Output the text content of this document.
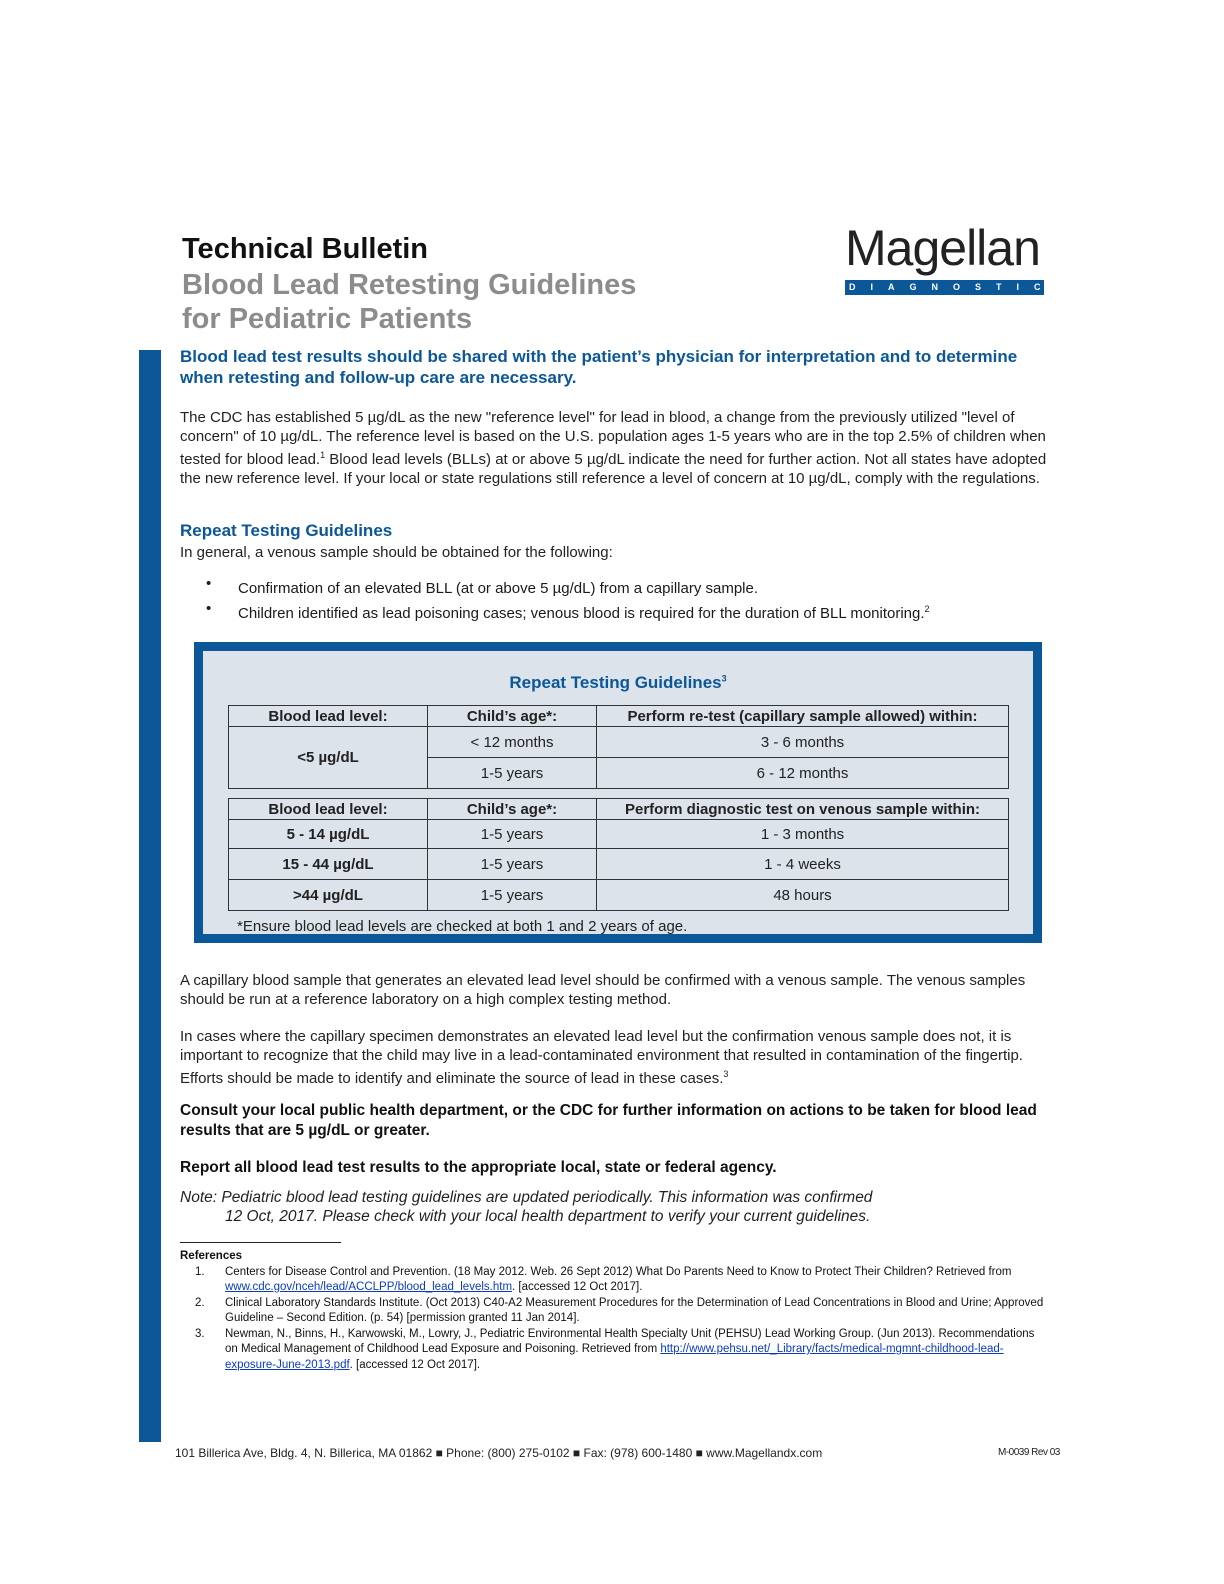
Technical Bulletin
Blood Lead Retesting Guidelines
for Pediatric Patients
Magellan
DIAGNOSTICS
Blood lead test results should be shared with the patient’s physician for interpretation and to determine when retesting and follow-up care are necessary.
The CDC has established 5 µg/dL as the new "reference level" for lead in blood, a change from the previously utilized "level of concern" of 10 µg/dL. The reference level is based on the U.S. population ages 1-5 years who are in the top 2.5% of children when tested for blood lead.$^1$ Blood lead levels (BLLs) at or above 5 µg/dL indicate the need for further action. Not all states have adopted the new reference level. If your local or state regulations still reference a level of concern at 10 µg/dL, comply with the regulations.
Repeat Testing Guidelines
In general, a venous sample should be obtained for the following:
• Confirmation of an elevated BLL (at or above 5 µg/dL) from a capillary sample.
• Children identified as lead poisoning cases; venous blood is required for the duration of BLL monitoring.$^2$
Repeat Testing Guidelines$^3$
Blood lead level:	Child’s age*:	Perform re-test (capillary sample allowed) within:
<5 µg/dL	< 12 months	3 - 6 months
	1-5 years	6 - 12 months
Blood lead level:	Child’s age*:	Perform diagnostic test on venous sample within:
5 - 14 µg/dL	1-5 years	1 - 3 months
15 - 44 µg/dL	1-5 years	1 - 4 weeks
>44 µg/dL	1-5 years	48 hours
*Ensure blood lead levels are checked at both 1 and 2 years of age.
A capillary blood sample that generates an elevated lead level should be confirmed with a venous sample. The venous samples should be run at a reference laboratory on a high complex testing method.
In cases where the capillary specimen demonstrates an elevated lead level but the confirmation venous sample does not, it is important to recognize that the child may live in a lead-contaminated environment that resulted in contamination of the fingertip. Efforts should be made to identify and eliminate the source of lead in these cases.$^3$
Consult your local public health department, or the CDC for further information on actions to be taken for blood lead results that are 5 µg/dL or greater.
Report all blood lead test results to the appropriate local, state or federal agency.
Note: Pediatric blood lead testing guidelines are updated periodically. This information was confirmed
12 Oct, 2017. Please check with your local health department to verify your current guidelines.
References
1. Centers for Disease Control and Prevention. (18 May 2012. Web. 26 Sept 2012) What Do Parents Need to Know to Protect Their Children? Retrieved from www.cdc.gov/nceh/lead/ACCLPP/blood_lead_levels.htm. [accessed 12 Oct 2017].
2. Clinical Laboratory Standards Institute. (Oct 2013) C40-A2 Measurement Procedures for the Determination of Lead Concentrations in Blood and Urine; Approved Guideline – Second Edition. (p. 54) [permission granted 11 Jan 2014].
3. Newman, N., Binns, H., Karwowski, M., Lowry, J., Pediatric Environmental Health Specialty Unit (PEHSU) Lead Working Group. (Jun 2013). Recommendations on Medical Management of Childhood Lead Exposure and Poisoning. Retrieved from http://www.pehsu.net/_Library/facts/medical-mgmnt-childhood-lead-exposure-June-2013.pdf. [accessed 12 Oct 2017].
101 Billerica Ave, Bldg. 4, N. Billerica, MA 01862 ■ Phone: (800) 275-0102 ■ Fax: (978) 600-1480 ■ www.Magellandx.com	M-0039 Rev 03
